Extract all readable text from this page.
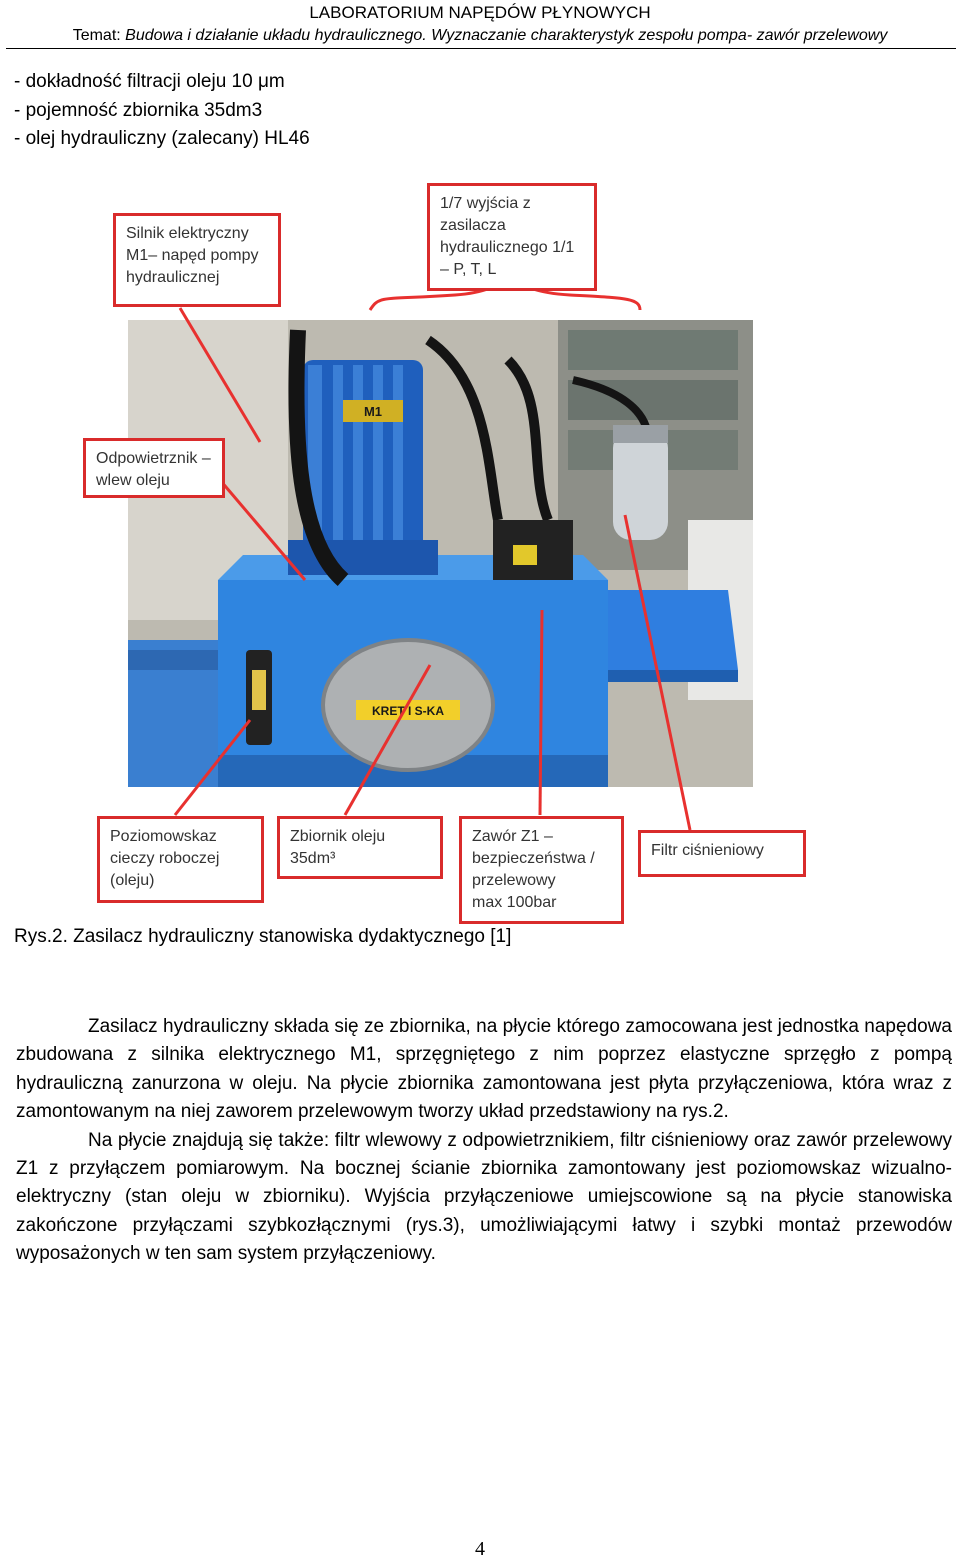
LABORATORIUM NAPĘDÓW PŁYNOWYCH
Temat: Budowa i działanie układu hydraulicznego. Wyznaczanie charakterystyk zespołu pompa- zawór przelewowy
- dokładność filtracji oleju 10 μm
- pojemność zbiornika 35dm3
- olej hydrauliczny (zalecany) HL46
KRET I S-KA
M1
Silnik elektryczny
M1– napęd pompy
hydraulicznej
1/7 wyjścia z
zasilacza
hydraulicznego 1/1
– P, T, L
Odpowietrznik –
wlew oleju
Poziomowskaz
cieczy roboczej
(oleju)
Zbiornik oleju
35dm³
Zawór Z1 –
bezpieczeństwa /
przelewowy
max 100bar
Filtr ciśnieniowy
Rys.2. Zasilacz hydrauliczny stanowiska dydaktycznego [1]

Zasilacz hydrauliczny składa się ze zbiornika, na płycie którego zamocowana jest jednostka napędowa zbudowana z silnika elektrycznego M1, sprzęgniętego z nim poprzez elastyczne sprzęgło z pompą hydrauliczną zanurzona w oleju. Na płycie zbiornika zamontowana jest płyta przyłączeniowa, która wraz z zamontowanym na niej zaworem przelewowym tworzy układ przedstawiony na rys.2.

Na płycie znajdują się także: filtr wlewowy z odpowietrznikiem, filtr ciśnieniowy oraz zawór przelewowy Z1 z przyłączem pomiarowym. Na bocznej ścianie zbiornika zamontowany jest poziomowskaz wizualno-elektryczny (stan oleju w zbiorniku). Wyjścia przyłączeniowe umiejscowione są na płycie stanowiska zakończone przyłączami szybkozłącznymi (rys.3), umożliwiającymi łatwy i szybki montaż przewodów wyposażonych w ten sam system przyłączeniowy.

4
